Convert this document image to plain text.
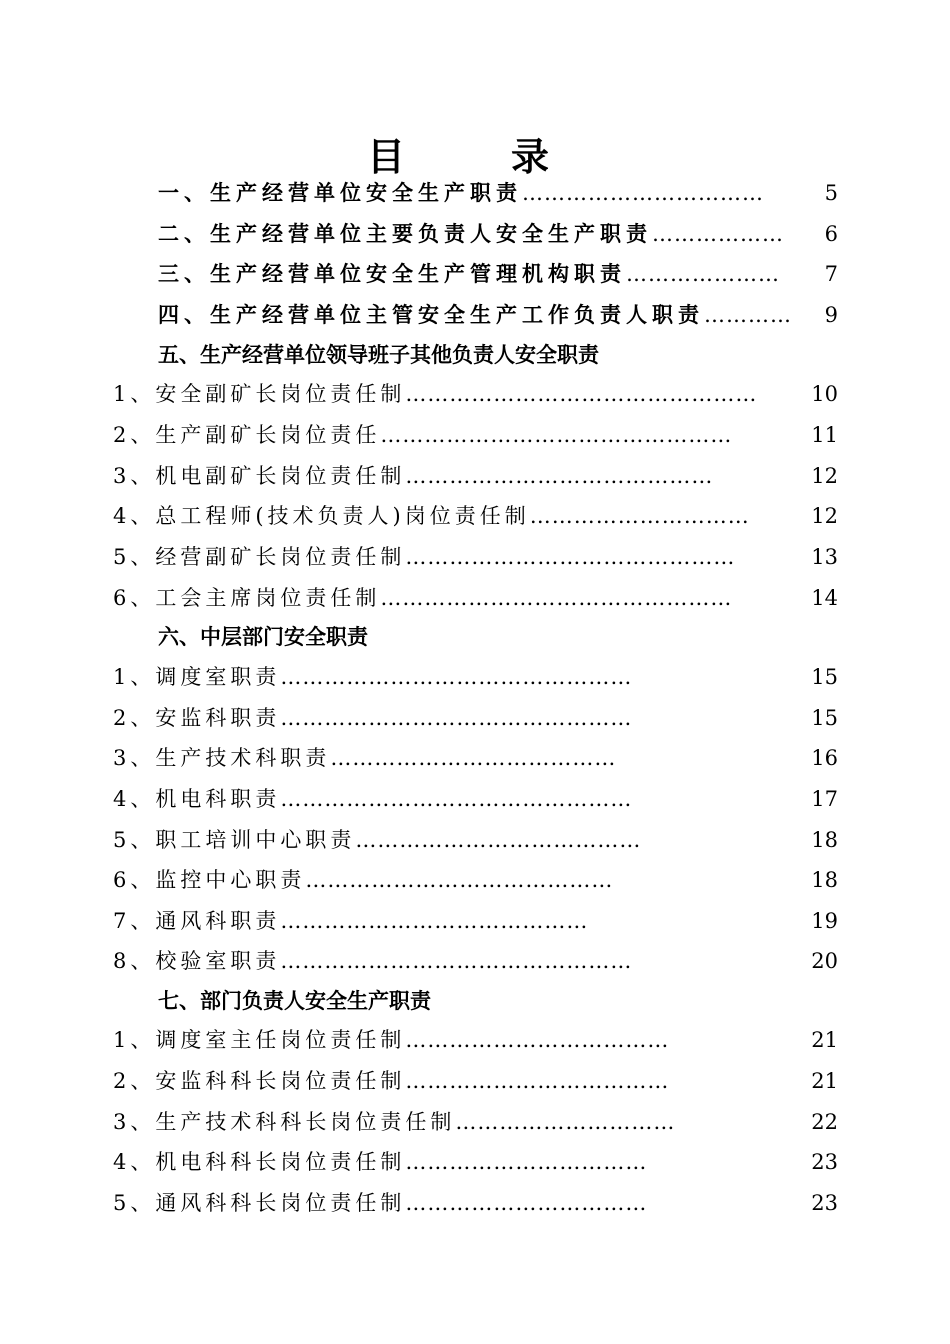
目　录
一、生产经营单位安全生产职责……………………………	5
二、生产经营单位主要负责人安全生产职责……………… 6
三、生产经营单位安全生产管理机构职责………………… 7
四、生产经营单位主管安全生产工作负责人职责………… 9
五、生产经营单位领导班子其他负责人安全职责
1、安全副矿长岗位责任制…………………………………………	10
2、生产副矿长岗位责任…………………………………………	11
3、机电副矿长岗位责任制……………………………………	12
4、总工程师(技术负责人)岗位责任制…………………………	12
5、经营副矿长岗位责任制………………………………………	13
6、工会主席岗位责任制…………………………………………	14
六、中层部门安全职责
1、调度室职责…………………………………………	15
2、安监科职责…………………………………………	15
3、生产技术科职责…………………………………	16
4、机电科职责…………………………………………	17
5、职工培训中心职责…………………………………	18
6、监控中心职责……………………………………	18
7、通风科职责……………………………………	19
8、校验室职责…………………………………………	20
七、部门负责人安全生产职责
1、调度室主任岗位责任制………………………………	21
2、安监科科长岗位责任制………………………………	21
3、生产技术科科长岗位责任制…………………………	22
4、机电科科长岗位责任制……………………………	23
5、通风科科长岗位责任制……………………………	23
